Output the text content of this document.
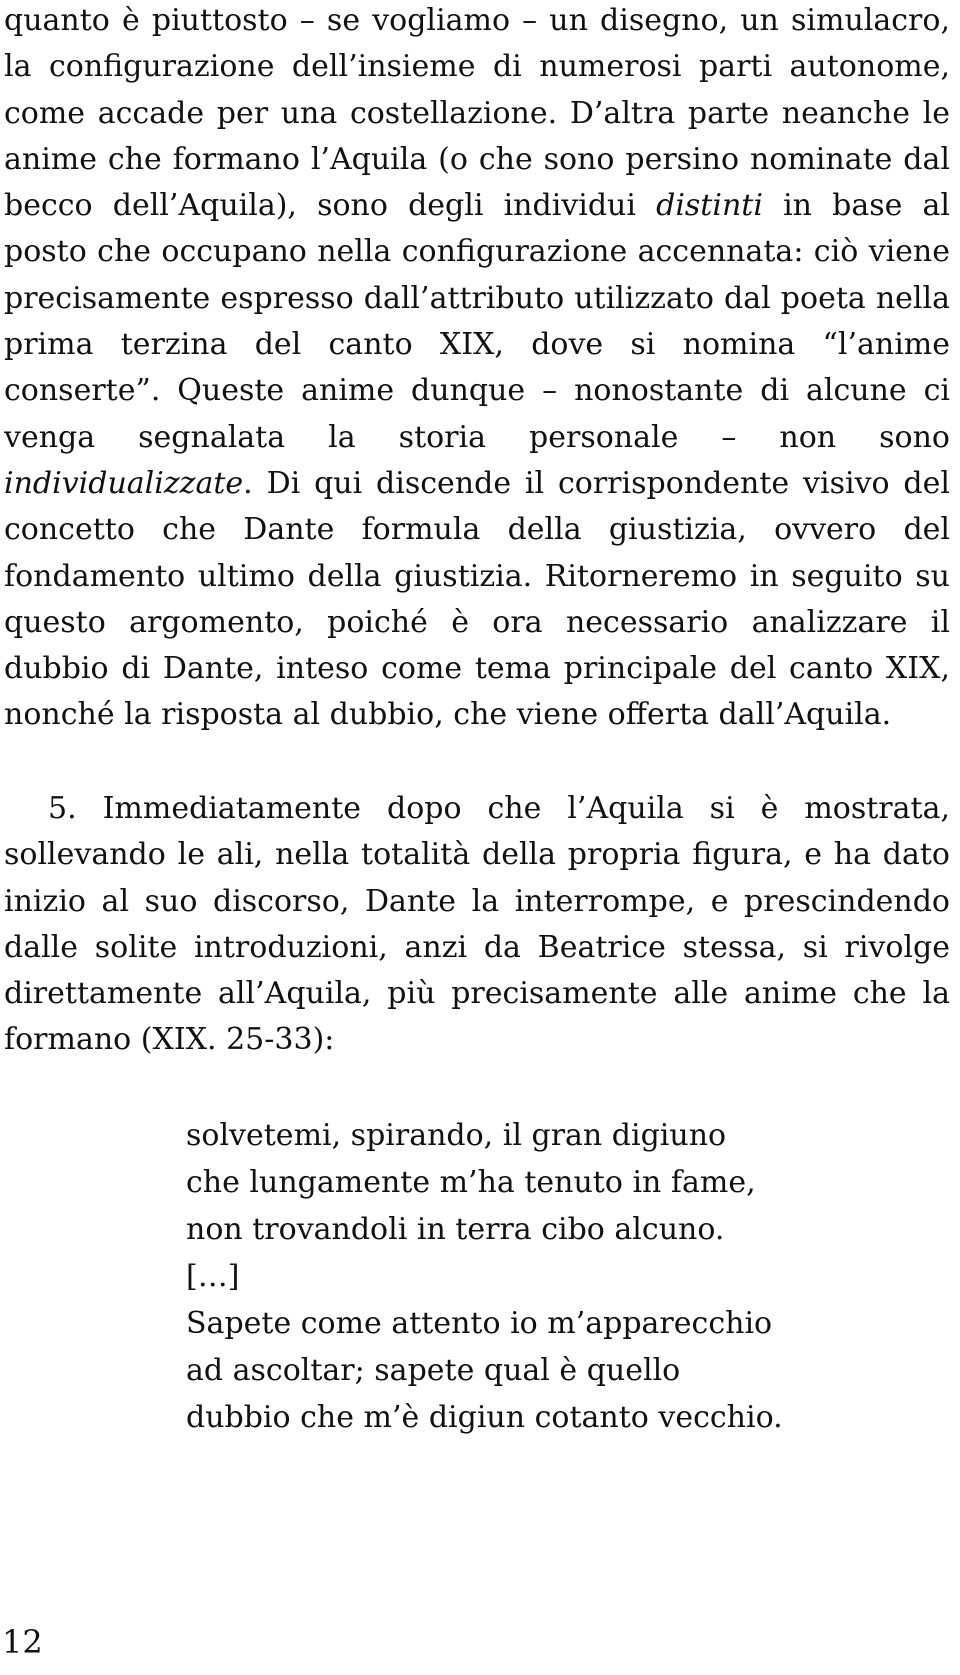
quanto è piuttosto – se vogliamo – un disegno, un simulacro, la configurazione dell’insieme di numerosi parti autonome, come accade per una costellazione. D’altra parte neanche le anime che formano l’Aquila (o che sono persino nominate dal becco dell’Aquila), sono degli individui distinti in base al posto che occupano nella configurazione accennata: ciò viene precisamente espresso dall’attributo utilizzato dal poeta nella prima terzina del canto XIX, dove si nomina “l’anime conserte”. Queste anime dunque – nonostante di alcune ci venga segnalata la storia personale – non sono individualizzate. Di qui discende il corrispondente visivo del concetto che Dante formula della giustizia, ovvero del fondamento ultimo della giustizia. Ritorneremo in seguito su questo argomento, poiché è ora necessario analizzare il dubbio di Dante, inteso come tema principale del canto XIX, nonché la risposta al dubbio, che viene offerta dall’Aquila.

5. Immediatamente dopo che l’Aquila si è mostrata, sollevando le ali, nella totalità della propria figura, e ha dato inizio al suo discorso, Dante la interrompe, e prescindendo dalle solite introduzioni, anzi da Beatrice stessa, si rivolge direttamente all’Aquila, più precisamente alle anime che la formano (XIX. 25-33):

solvetemi, spirando, il gran digiuno
che lungamente m’ha tenuto in fame,
non trovandoli in terra cibo alcuno.
[…]
Sapete come attento io m’apparecchio
ad ascoltar; sapete qual è quello
dubbio che m’è digiun cotanto vecchio.
12
